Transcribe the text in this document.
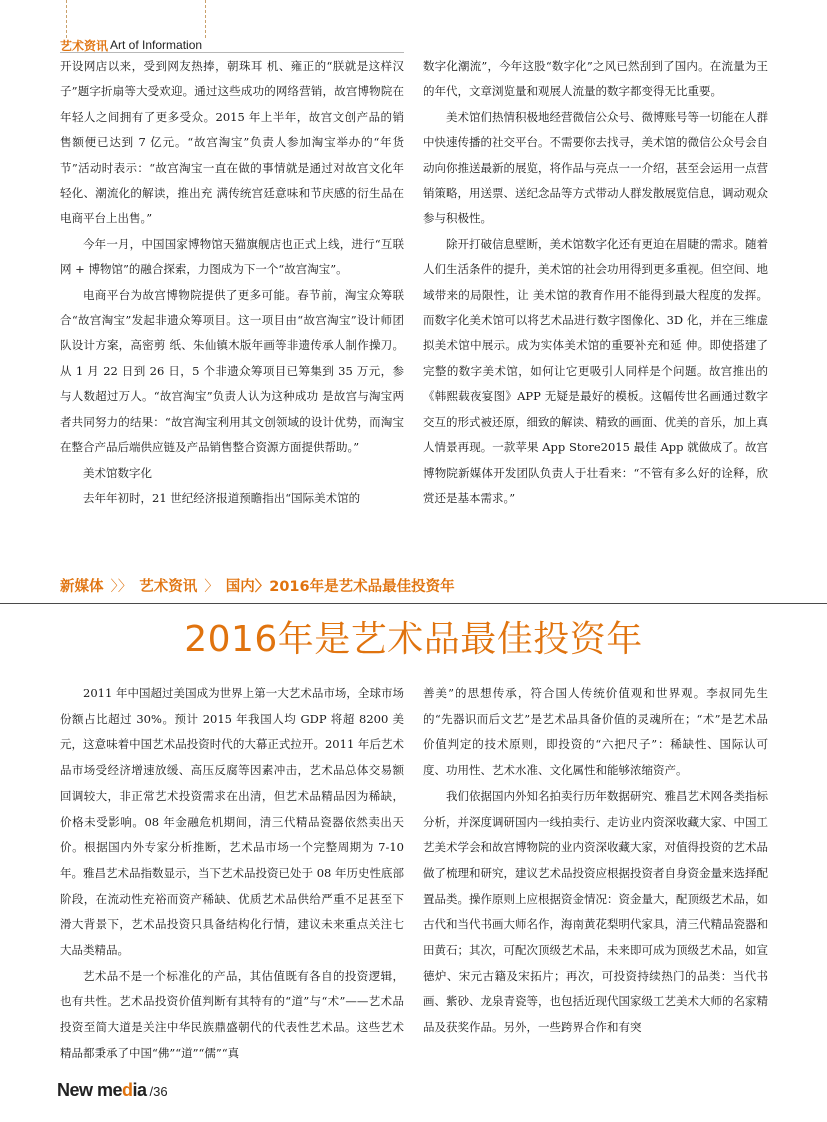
艺术资讯 Art of Information

开设网店以来，受到网友热捧，朝珠耳 机、雍正的“朕就是这样汉子”题字折扇等大受欢迎。通过这些成功的网络营销，故宫博物院在年轻人之间拥有了更多受众。2015 年上半年，故宫文创产品的销 售额便已达到 7 亿元。“故宫淘宝”负责人参加淘宝举办的“年货节”活动时表示：“故宫淘宝一直在做的事情就是通过对故宫文化年轻化、潮流化的解读，推出充 满传统宫廷意味和节庆感的衍生品在电商平台上出售。”

今年一月，中国国家博物馆天猫旗舰店也正式上线，进行“互联网 + 博物馆”的融合探索，力图成为下一个“故宫淘宝”。

电商平台为故宫博物院提供了更多可能。春节前，淘宝众筹联合“故宫淘宝”发起非遗众筹项目。这一项目由“故宫淘宝”设计师团队设计方案，高密剪 纸、朱仙镇木版年画等非遗传承人制作操刀。从 1 月 22 日到 26 日，5 个非遗众筹项目已筹集到 35 万元，参与人数超过万人。“故宫淘宝”负责人认为这种成功 是故宫与淘宝两者共同努力的结果：“故宫淘宝利用其文创领域的设计优势，而淘宝在整合产品后端供应链及产品销售整合资源方面提供帮助。”

美术馆数字化

去年年初时，21 世纪经济报道预瞻指出“国际美术馆的

数字化潮流”，今年这股“数字化”之风已然刮到了国内。在流量为王的年代，文章浏览量和观展人流量的数字都变得无比重要。

美术馆们热情积极地经营微信公众号、微博账号等一切能在人群中快速传播的社交平台。不需要你去找寻，美术馆的微信公众号会自动向你推送最新的展览，将作品与亮点一一介绍，甚至会运用一点营销策略，用送票、送纪念品等方式带动人群发散展览信息，调动观众参与积极性。

除开打破信息壁断，美术馆数字化还有更迫在眉睫的需求。随着人们生活条件的提升，美术馆的社会功用得到更多重视。但空间、地域带来的局限性，让 美术馆的教育作用不能得到最大程度的发挥。而数字化美术馆可以将艺术品进行数字图像化、3D 化，并在三维虚拟美术馆中展示。成为实体美术馆的重要补充和延 伸。即使搭建了完整的数字美术馆，如何让它更吸引人同样是个问题。故宫推出的《韩熙载夜宴图》APP 无疑是最好的模板。这幅传世名画通过数字交互的形式被还原，细致的解读、精致的画面、优美的音乐，加上真人情景再现。一款苹果 App Store2015 最佳 App 就做成了。故宫博物院新媒体开发团队负责人于壮看来：“不管有多么好的诠释，欣赏还是基本需求。”

新媒体 〉〉 艺术资讯 〉 国内〉2016年是艺术品最佳投资年
2016年是艺术品最佳投资年

2011 年中国超过美国成为世界上第一大艺术品市场，全球市场份额占比超过 30%。预计 2015 年我国人均 GDP 将超 8200 美元，这意味着中国艺术品投资时代的大幕正式拉开。2011 年后艺术品市场受经济增速放缓、高压反腐等因素冲击，艺术品总体交易额回调较大，非正常艺术投资需求在出清，但艺术品精品因为稀缺，价格未受影响。08 年金融危机期间，清三代精品瓷器依然卖出天价。根据国内外专家分析推断，艺术品市场一个完整周期为 7-10 年。雅昌艺术品指数显示，当下艺术品投资已处于 08 年历史性底部阶段，在流动性充裕而资产稀缺、优质艺术品供给严重不足甚至下滑大背景下，艺术品投资只具备结构化行情，建议未来重点关注七大品类精品。

艺术品不是一个标准化的产品，其估值既有各自的投资逻辑，也有共性。艺术品投资价值判断有其特有的“道”与“术”——艺术品投资至简大道是关注中华民族鼎盛朝代的代表性艺术品。这些艺术精品都秉承了中国“佛”“道”“儒”“真

善美”的思想传承，符合国人传统价值观和世界观。李叔同先生的“先器识而后文艺”是艺术品具备价值的灵魂所在；“术”是艺术品价值判定的技术原则，即投资的“六把尺子”：稀缺性、国际认可度、功用性、艺术水准、文化属性和能够浓缩资产。

我们依据国内外知名拍卖行历年数据研究、雅昌艺术网各类指标分析，并深度调研国内一线拍卖行、走访业内资深收藏大家、中国工艺美术学会和故宫博物院的业内资深收藏大家，对值得投资的艺术品做了梳理和研究，建议艺术品投资应根据投资者自身资金量来选择配置品类。操作原则上应根据资金情况：资金量大，配顶级艺术品，如古代和当代书画大师名作，海南黄花梨明代家具，清三代精品瓷器和田黄石；其次，可配次顶级艺术品，未来即可成为顶级艺术品，如宣德炉、宋元古籍及宋拓片；再次，可投资持续热门的品类：当代书画、紫砂、龙泉青瓷等，也包括近现代国家级工艺美术大师的名家精品及获奖作品。另外，一些跨界合作和有突

New media /36
